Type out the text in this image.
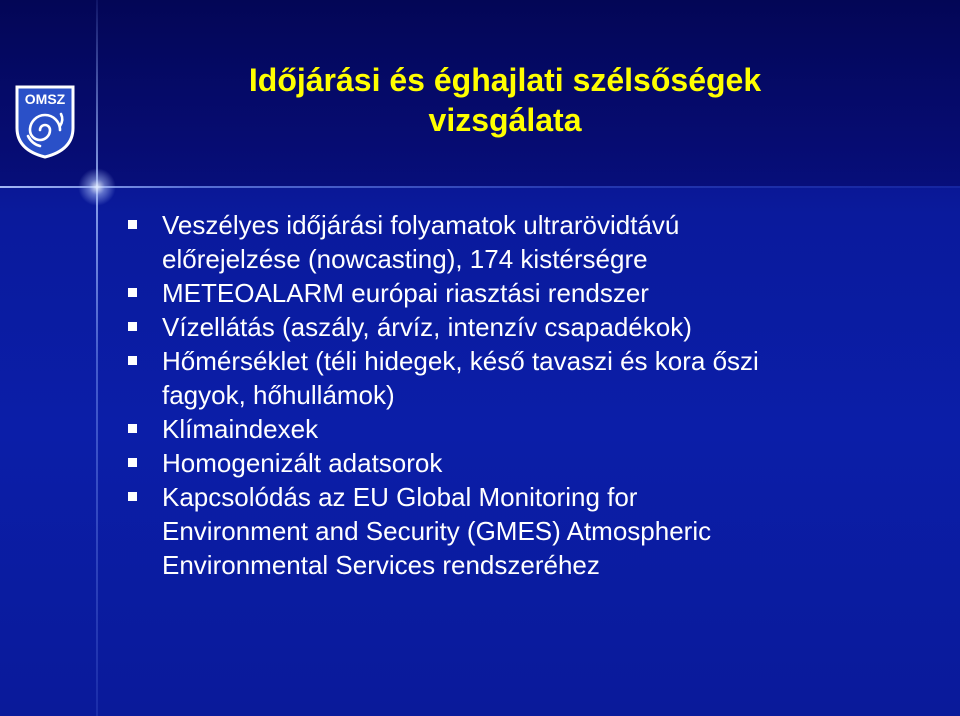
OMSZ
Időjárási és éghajlati szélsőségek
vizsgálata
Veszélyes időjárási folyamatok ultrarövidtávú
előrejelzése (nowcasting), 174 kistérségre
METEOALARM európai riasztási rendszer
Vízellátás (aszály, árvíz, intenzív csapadékok)
Hőmérséklet (téli hidegek, késő tavaszi és kora őszi
fagyok, hőhullámok)
Klímaindexek
Homogenizált adatsorok
Kapcsolódás az EU Global Monitoring for
Environment and Security (GMES) Atmospheric
Environmental Services rendszeréhez
